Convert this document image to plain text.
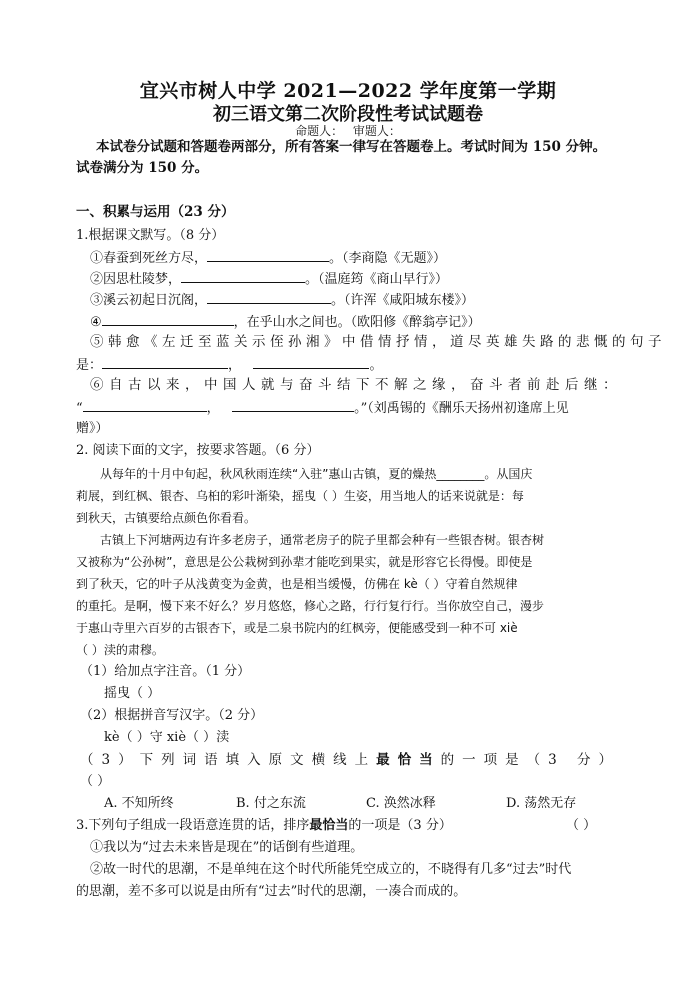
宜兴市树人中学 2021—2022 学年度第一学期
初三语文第二次阶段性考试试题卷
命题人： 审题人：
本试卷分试题和答题卷两部分，所有答案一律写在答题卷上。考试时间为 150 分钟。
试卷满分为 150 分。
一、积累与运用（23 分）
1.根据课文默写。（8 分）
①春蚕到死丝方尽，	。（李商隐《无题》）
②因思杜陵梦，	。（温庭筠《商山早行》）
③溪云初起日沉阁，	。（许浑《咸阳城东楼》）
④	，在乎山水之间也。（欧阳修《醉翁亭记》）
⑤韩愈《左迁至蓝关示侄孙湘》中借情抒情，道尽英雄失路的悲慨的句子
是：	，	。
⑥自古以来，中国人就与奋斗结下不解之缘，奋斗者前赴后继：
“	，	。”（刘禹锡的《酬乐天扬州初逢席上见
赠》）
2. 阅读下面的文字，按要求答题。（6 分）
从每年的十月中旬起，秋风秋雨连续“入驻”惠山古镇，夏的燥热________。从国庆
莉展，到红枫、银杏、乌桕的彩叶渐染，摇曳（ ）生姿，用当地人的话来说就是：每
到秋天，古镇要给点颜色你看看。
古镇上下河塘两边有许多老房子，通常老房子的院子里都会种有一些银杏树。银杏树
又被称为“公孙树”，意思是公公栽树到孙辈才能吃到果实，就是形容它长得慢。即使是
到了秋天，它的叶子从浅黄变为金黄，也是相当缓慢，仿佛在 kè（ ）守着自然规律
的重托。是啊，慢下来不好么？岁月悠悠，修心之路，行行复行行。当你放空自己，漫步
于惠山寺里六百岁的古银杏下，或是二泉书院内的红枫旁，便能感受到一种不可 xiè
（ ）渎的肃穆。
（1）给加点字注音。（1 分）
摇曳（ ）
（2）根据拼音写汉字。（2 分）
kè（ ）守 xiè（ ）渎
（3）下列词语填入原文横线上最恰当的一项是（3 分）
（ ）
A. 不知所终	B. 付之东流	C. 涣然冰释	D. 荡然无存
3.下列句子组成一段语意连贯的话，排序最恰当的一项是（3 分）	（ ）
①我以为“过去未来皆是现在”的话倒有些道理。
②故一时代的思潮，不是单纯在这个时代所能凭空成立的，不晓得有几多“过去”时代
的思潮，差不多可以说是由所有“过去”时代的思潮，一凑合而成的。
